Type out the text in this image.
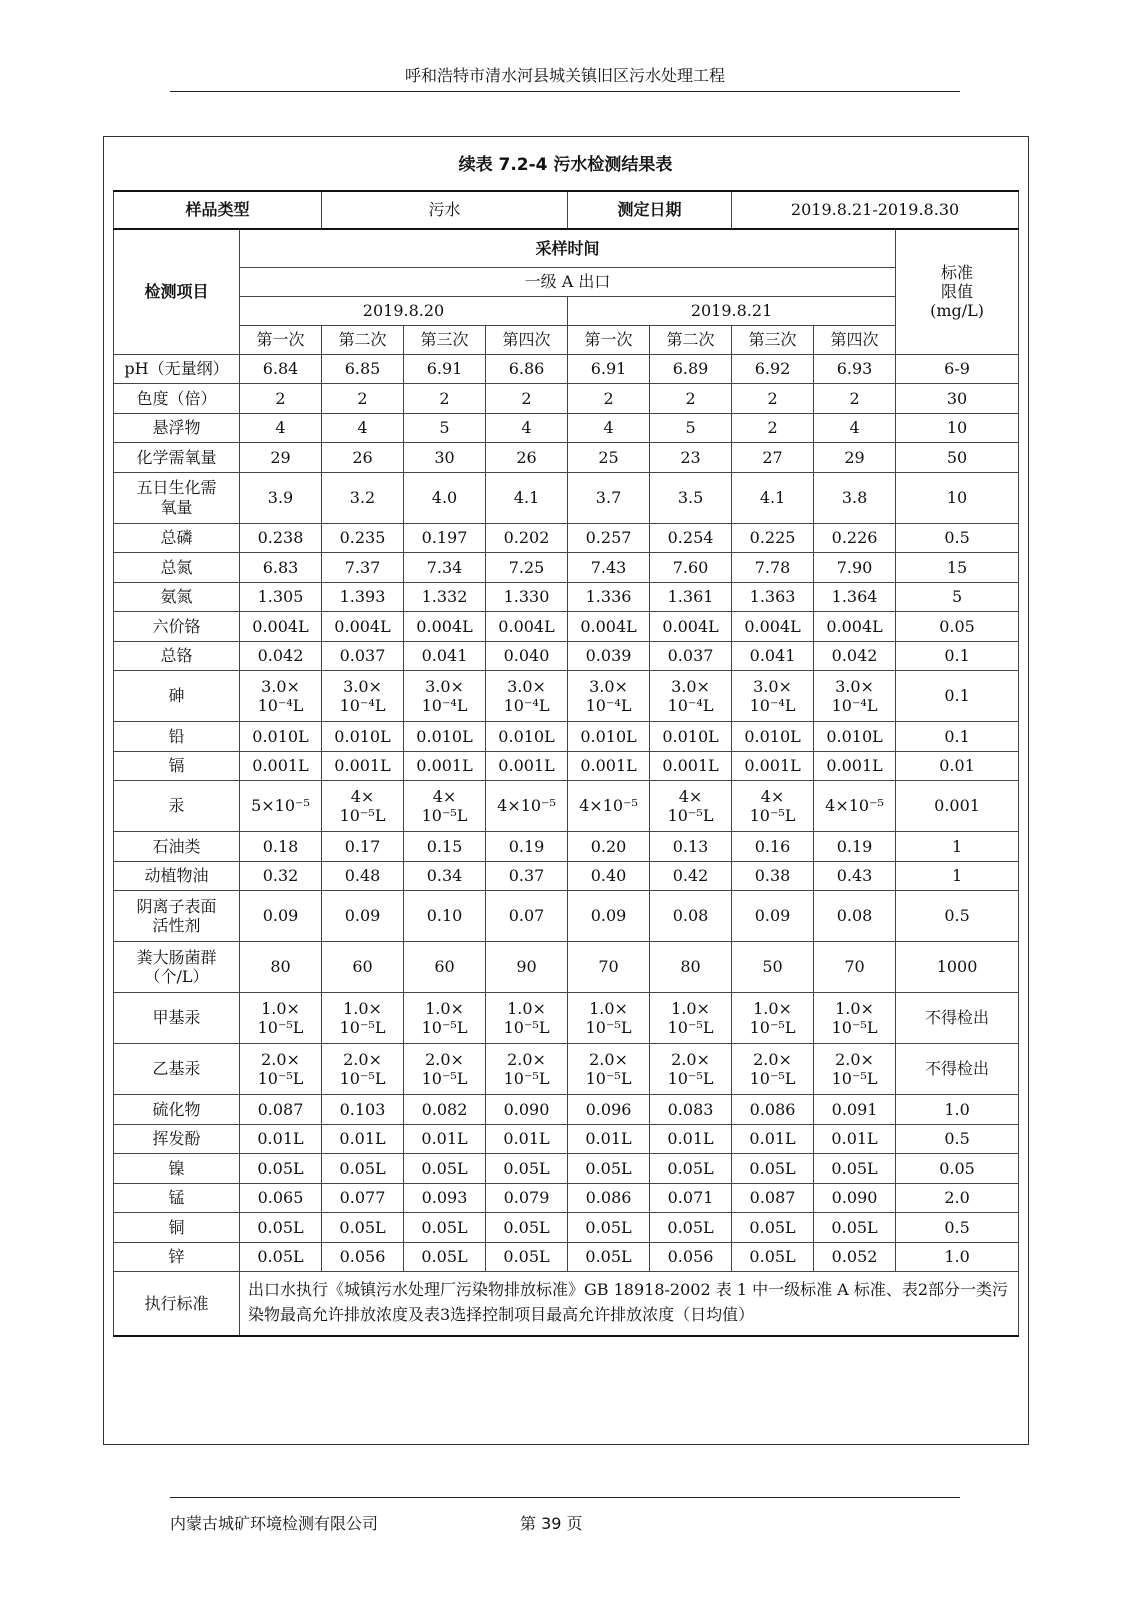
呼和浩特市清水河县城关镇旧区污水处理工程
续表 7.2-4 污水检测结果表
样品类型		污水			测定日期		2019.8.21-2019.8.30		
检测项目	采样时间								标准
限值
(mg/L)

	一级 A 出口								
	2019.8.20				2019.8.21				
	第一次	第二次	第三次	第四次	第一次	第二次	第三次	第四次	

pH（无量纲）	6.84	6.85	6.91	6.86	6.91	6.89	6.92	6.93	6-9

色度（倍）	2	2	2	2	2	2	2	2	30

悬浮物	4	4	5	4	4	5	2	4	10

化学需氧量	29	26	30	26	25	23	27	29	50

五日生化需
氧量	3.9	3.2	4.0	4.1	3.7	3.5	4.1	3.8	10

总磷	0.238	0.235	0.197	0.202	0.257	0.254	0.225	0.226	0.5

总氮	6.83	7.37	7.34	7.25	7.43	7.60	7.78	7.90	15

氨氮	1.305	1.393	1.332	1.330	1.336	1.361	1.363	1.364	5

六价铬	0.004L	0.004L	0.004L	0.004L	0.004L	0.004L	0.004L	0.004L	0.05

总铬	0.042	0.037	0.041	0.040	0.039	0.037	0.041	0.042	0.1

砷	3.0×
10⁻⁴L	3.0×
10⁻⁴L	3.0×
10⁻⁴L	3.0×
10⁻⁴L	3.0×
10⁻⁴L	3.0×
10⁻⁴L	3.0×
10⁻⁴L	3.0×
10⁻⁴L	0.1

铅	0.010L	0.010L	0.010L	0.010L	0.010L	0.010L	0.010L	0.010L	0.1

镉	0.001L	0.001L	0.001L	0.001L	0.001L	0.001L	0.001L	0.001L	0.01

汞	5×10⁻⁵	4×
10⁻⁵L	4×
10⁻⁵L	4×10⁻⁵	4×10⁻⁵	4×
10⁻⁵L	4×
10⁻⁵L	4×10⁻⁵	0.001

石油类	0.18	0.17	0.15	0.19	0.20	0.13	0.16	0.19	1

动植物油	0.32	0.48	0.34	0.37	0.40	0.42	0.38	0.43	1

阴离子表面
活性剂	0.09	0.09	0.10	0.07	0.09	0.08	0.09	0.08	0.5

粪大肠菌群
（个/L）	80	60	60	90	70	80	50	70	1000

甲基汞	1.0×
10⁻⁵L	1.0×
10⁻⁵L	1.0×
10⁻⁵L	1.0×
10⁻⁵L	1.0×
10⁻⁵L	1.0×
10⁻⁵L	1.0×
10⁻⁵L	1.0×
10⁻⁵L	不得检出

乙基汞	2.0×
10⁻⁵L	2.0×
10⁻⁵L	2.0×
10⁻⁵L	2.0×
10⁻⁵L	2.0×
10⁻⁵L	2.0×
10⁻⁵L	2.0×
10⁻⁵L	2.0×
10⁻⁵L	不得检出

硫化物	0.087	0.103	0.082	0.090	0.096	0.083	0.086	0.091	1.0

挥发酚	0.01L	0.01L	0.01L	0.01L	0.01L	0.01L	0.01L	0.01L	0.5

镍	0.05L	0.05L	0.05L	0.05L	0.05L	0.05L	0.05L	0.05L	0.05

锰	0.065	0.077	0.093	0.079	0.086	0.071	0.087	0.090	2.0

铜	0.05L	0.05L	0.05L	0.05L	0.05L	0.05L	0.05L	0.05L	0.5

锌	0.05L	0.056	0.05L	0.05L	0.05L	0.056	0.05L	0.052	1.0
执行标准	出口水执行《城镇污水处理厂污染物排放标准》GB 18918-2002 表 1 中一级标准 A 标准、表2部分一类污染物最高允许排放浓度及表3选择控制项目最高允许排放浓度（日均值）								
内蒙古城矿环境检测有限公司	第 39 页
